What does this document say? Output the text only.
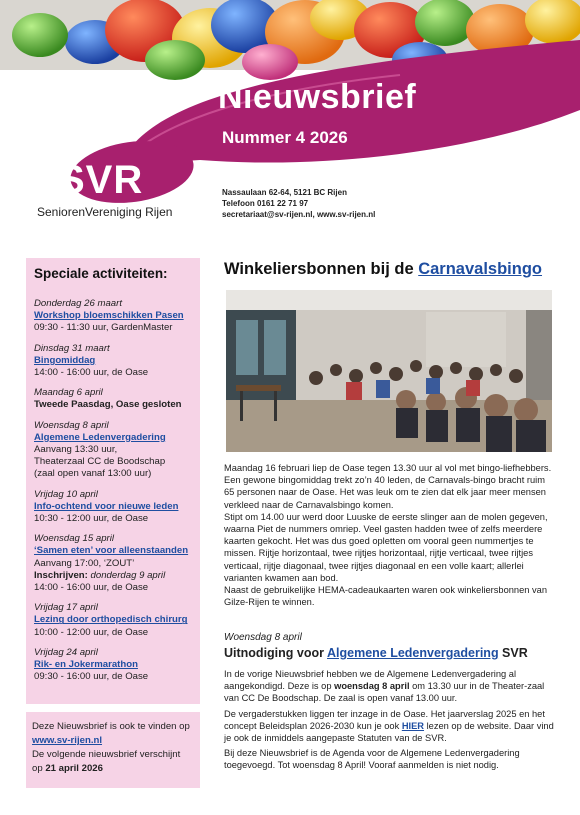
Nieuwsbrief
Nummer 4 2026
SVR
SeniorenVereniging Rijen
Nassaulaan 62-64, 5121 BC Rijen
Telefoon 0161 22 71 97
secretariaat@sv-rijen.nl, www.sv-rijen.nl
Speciale activiteiten:
Donderdag 26 maart
Workshop bloemschikken Pasen
09:30 - 11:30 uur, GardenMaster
Dinsdag 31 maart
Bingomiddag
14:00 - 16:00 uur, de Oase
Maandag 6 april
Tweede Paasdag, Oase gesloten
Woensdag 8 april
Algemene Ledenvergadering
Aanvang 13:30 uur,
Theaterzaal CC de Boodschap
(zaal open vanaf 13:00 uur)
Vrijdag 10 april
Info-ochtend voor nieuwe leden
10:30 - 12:00 uur, de Oase
Woensdag 15 april
‘Samen eten’ voor alleenstaanden
Aanvang 17:00, ‘ZOUT’
Inschrijven: donderdag 9 april
14:00 - 16:00 uur, de Oase
Vrijdag 17 april
Lezing door orthopedisch chirurg
10:00 - 12:00 uur, de Oase
Vrijdag 24 april
Rik- en Jokermarathon
09:30 - 16:00 uur, de Oase
Deze Nieuwsbrief is ook te vinden op
www.sv-rijen.nl
De volgende nieuwsbrief verschijnt
op 21 april 2026
Winkeliersbonnen bij de Carnavalsbingo

Maandag 16 februari liep de Oase tegen 13.30 uur al vol met bingo-liefhebbers. Een gewone bingomiddag trekt zo’n 40 leden, de Carnavals-bingo bracht ruim 65 personen naar de Oase. Het was leuk om te zien dat elk jaar meer mensen verkleed naar de Carnavalsbingo komen.

Stipt om 14.00 uur werd door Luuske de eerste slinger aan de molen gegeven, waarna Piet de nummers omriep. Veel gasten hadden twee of zelfs meerdere kaarten gekocht. Het was dus goed opletten om vooral geen nummertjes te missen. Rijtje horizontaal, twee rijtjes horizontaal, rijtje verticaal, twee rijtjes verticaal, rijtje diagonaal, twee rijtjes diagonaal en een volle kaart; allerlei varianten kwamen aan bod.

Naast de gebruikelijke HEMA-cadeaukaarten waren ook winkeliersbonnen van Gilze-Rijen te winnen.

Woensdag 8 april
Uitnodiging voor Algemene Ledenvergadering SVR

In de vorige Nieuwsbrief hebben we de Algemene Ledenvergadering al aangekondigd. Deze is op woensdag 8 april om 13.30 uur in de Theater-zaal van CC De Boodschap. De zaal is open vanaf 13.00 uur.

De vergaderstukken liggen ter inzage in de Oase. Het jaarverslag 2025 en het concept Beleidsplan 2026-2030 kun je ook HIER lezen op de website. Daar vind je ook de inmiddels aangepaste Statuten van de SVR.

Bij deze Nieuwsbrief is de Agenda voor de Algemene Ledenvergadering toegevoegd. Tot woensdag 8 April! Vooraf aanmelden is niet nodig.
